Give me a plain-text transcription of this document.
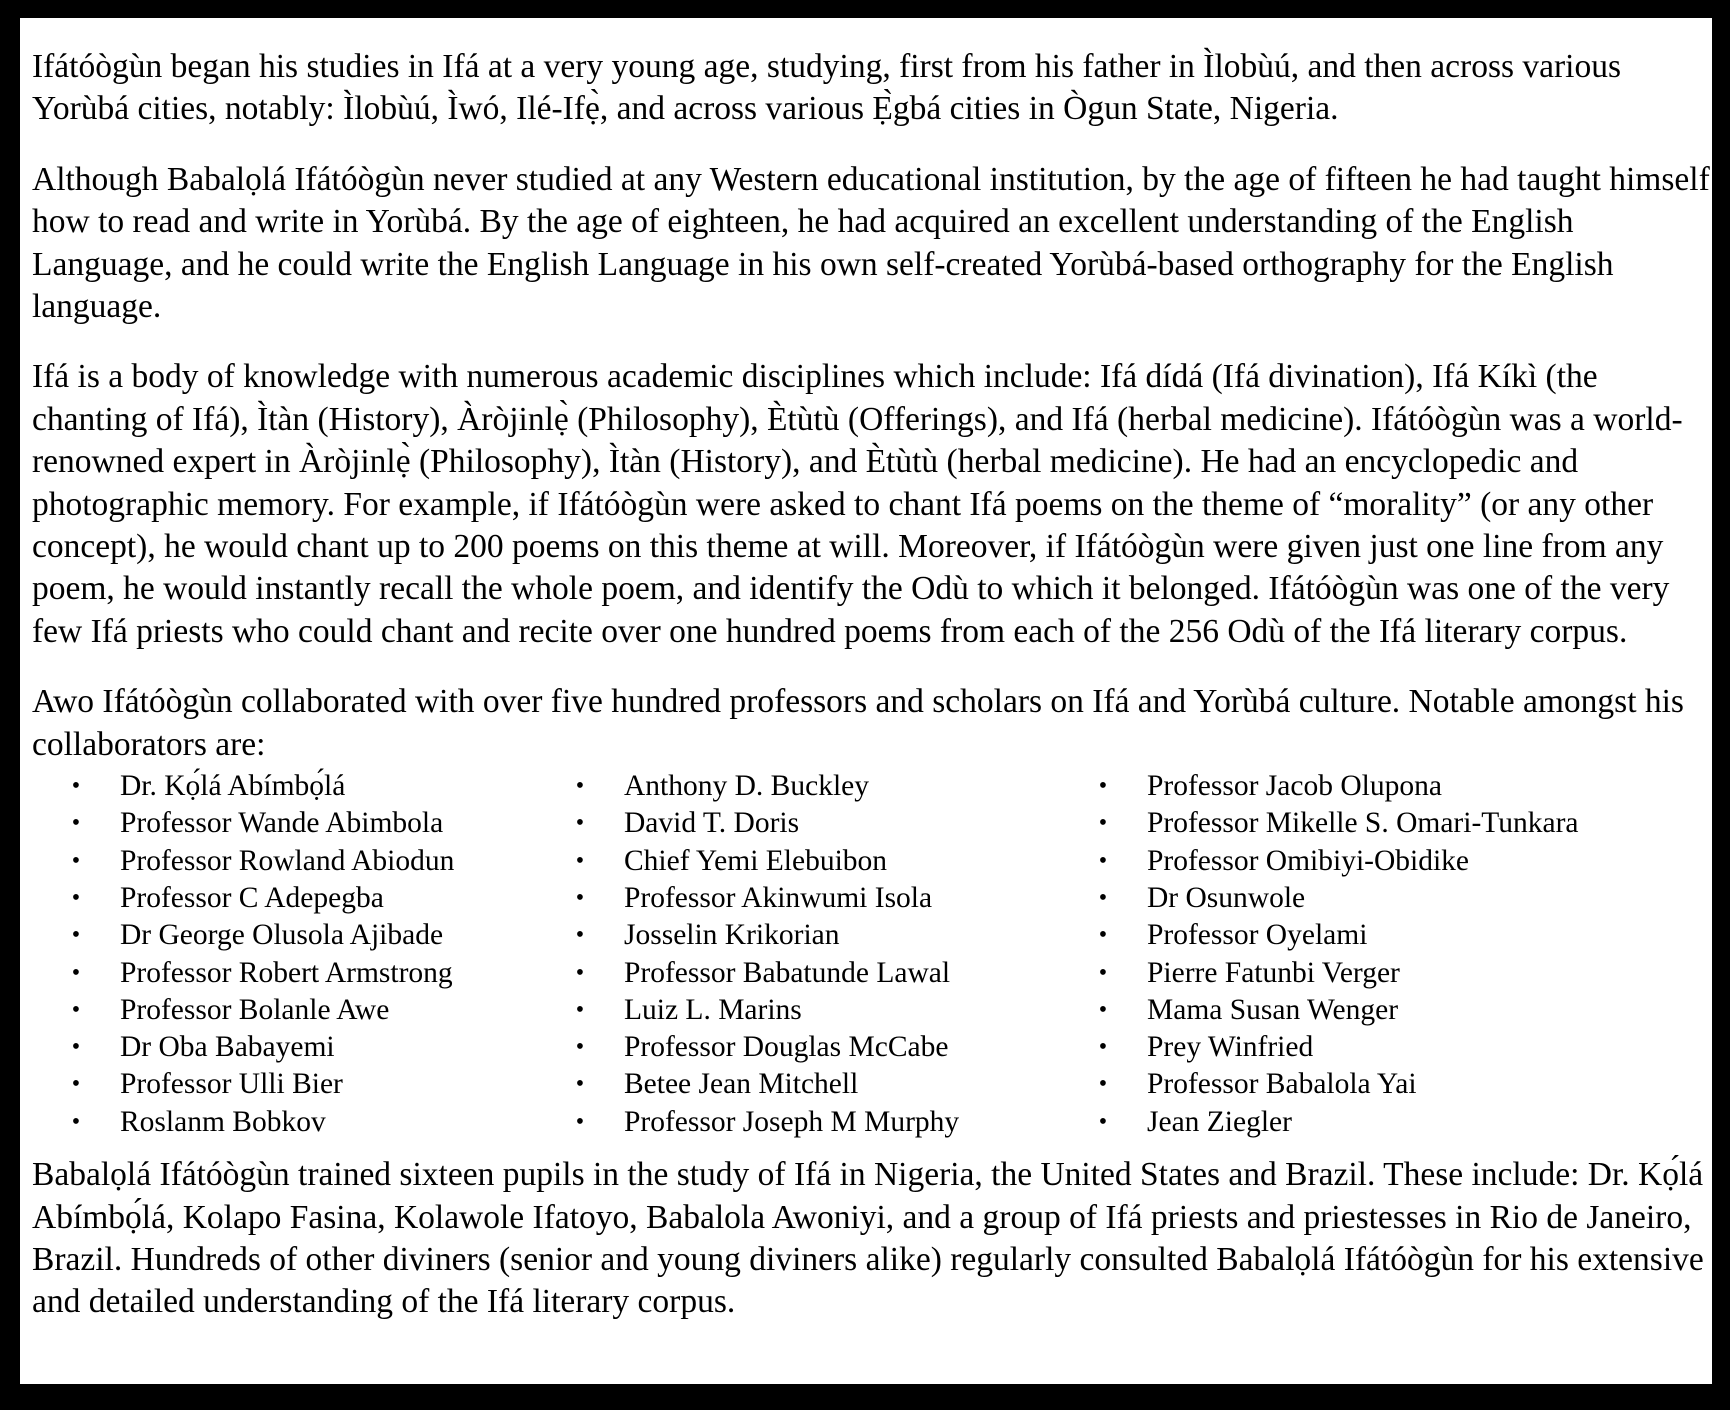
Ifátóògùn began his studies in Ifá at a very young age, studying, first from his father in Ìlobùú, and then across various Yorùbá cities, notably: Ìlobùú, Ìwó, Ilé-Ifẹ̀, and across various Ẹ̀gbá cities in Ògun State, Nigeria.

Although Babalọlá Ifátóògùn never studied at any Western educational institution, by the age of fifteen he had taught himself how to read and write in Yorùbá. By the age of eighteen, he had acquired an excellent understanding of the English Language, and he could write the English Language in his own self-created Yorùbá-based orthography for the English language.

Ifá is a body of knowledge with numerous academic disciplines which include: Ifá dídá (Ifá divination), Ifá Kíkì (the chanting of Ifá), Ìtàn (History), Àròjinlẹ̀ (Philosophy), Ètùtù (Offerings), and Ifá (herbal medicine). Ifátóògùn was a world-renowned expert in Àròjinlẹ̀ (Philosophy), Ìtàn (History), and Ètùtù (herbal medicine). He had an encyclopedic and photographic memory. For example, if Ifátóògùn were asked to chant Ifá poems on the theme of “morality” (or any other concept), he would chant up to 200 poems on this theme at will. Moreover, if Ifátóògùn were given just one line from any poem, he would instantly recall the whole poem, and identify the Odù to which it belonged. Ifátóògùn was one of the very few Ifá priests who could chant and recite over one hundred poems from each of the 256 Odù of the Ifá literary corpus.

Awo Ifátóògùn collaborated with over five hundred professors and scholars on Ifá and Yorùbá culture. Notable amongst his collaborators are:

• Dr. Kọ́lá Abímbọ́lá
• Professor Wande Abimbola
• Professor Rowland Abiodun
• Professor C Adepegba
• Dr George Olusola Ajibade
• Professor Robert Armstrong
• Professor Bolanle Awe
• Dr Oba Babayemi
• Professor Ulli Bier
• Roslanm Bobkov
• Anthony D. Buckley
• David T. Doris
• Chief Yemi Elebuibon
• Professor Akinwumi Isola
• Josselin Krikorian
• Professor Babatunde Lawal
• Luiz L. Marins
• Professor Douglas McCabe
• Betee Jean Mitchell
• Professor Joseph M Murphy
• Professor Jacob Olupona
• Professor Mikelle S. Omari-Tunkara
• Professor Omibiyi-Obidike
• Dr Osunwole
• Professor Oyelami
• Pierre Fatunbi Verger
• Mama Susan Wenger
• Prey Winfried
• Professor Babalola Yai
• Jean Ziegler

Babalọlá Ifátóògùn trained sixteen pupils in the study of Ifá in Nigeria, the United States and Brazil. These include: Dr. Kọ́lá Abímbọ́lá, Kolapo Fasina, Kolawole Ifatoyo, Babalola Awoniyi, and a group of Ifá priests and priestesses in Rio de Janeiro, Brazil. Hundreds of other diviners (senior and young diviners alike) regularly consulted Babalọlá Ifátóògùn for his extensive and detailed understanding of the Ifá literary corpus.
